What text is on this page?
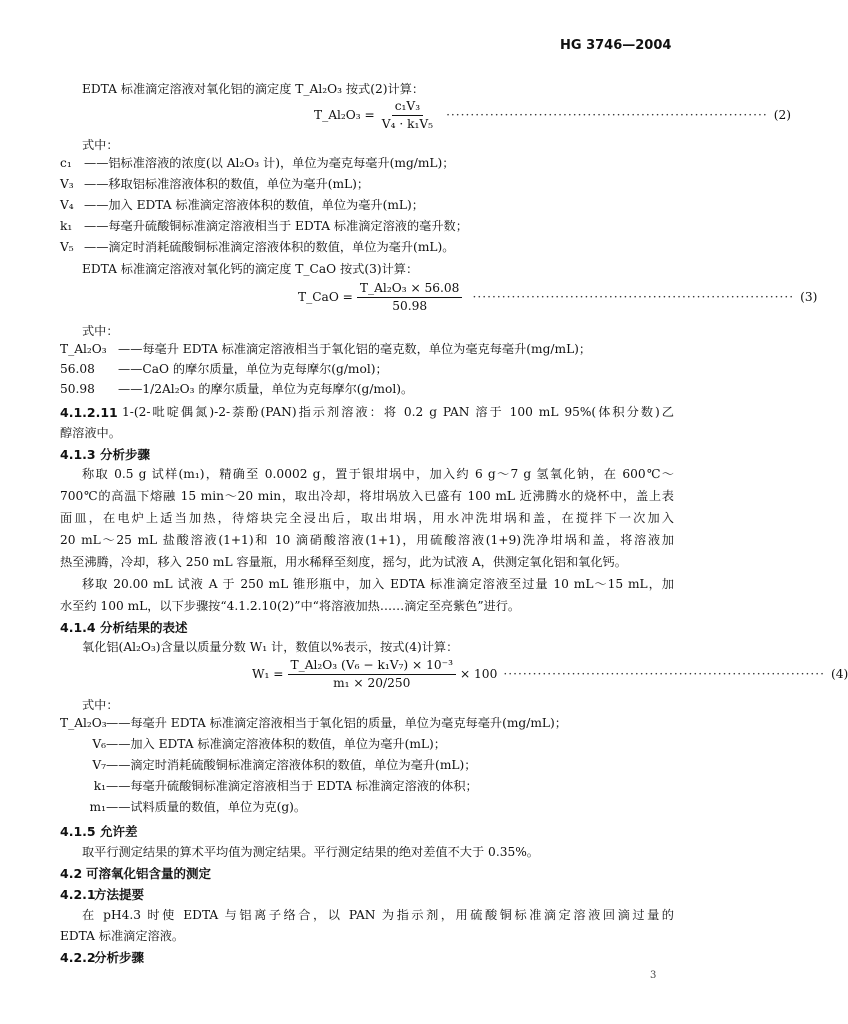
HG 3746—2004
EDTA 标准滴定溶液对氧化铝的滴定度 T_Al₂O₃ 按式(2)计算：
T_Al₂O₃ = $\frac{\text{c₁V₃}}{\text{V₄ · k₁V₅}}$ ·································································· (2)
式中：
c₁	——铝标准溶液的浓度(以 Al₂O₃ 计)，单位为毫克每毫升(mg/mL)；
V₃ ——移取铝标准溶液体积的数值，单位为毫升(mL)；
V₄ ——加入 EDTA 标准滴定溶液体积的数值，单位为毫升(mL)；
k₁ ——每毫升硫酸铜标准滴定溶液相当于 EDTA 标准滴定溶液的毫升数；
V₅ ——滴定时消耗硫酸铜标准滴定溶液体积的数值，单位为毫升(mL)。
EDTA 标准滴定溶液对氧化钙的滴定度 T_CaO 按式(3)计算：
T_CaO = $\frac{\text{T\_Al₂O₃ × 56.08}}{50.98}$ ·································································· (3)
式中：
T_Al₂O₃ ——每毫升 EDTA 标准滴定溶液相当于氧化铝的毫克数，单位为毫克每毫升(mg/mL)；
56.08	——CaO 的摩尔质量，单位为克每摩尔(g/mol)；
50.98	——1/2Al₂O₃ 的摩尔质量，单位为克每摩尔(g/mol)。
4.1.2.11 1-(2-吡啶偶氮)-2-萘酚(PAN)指示剂溶液：将 0.2 g PAN 溶于 100 mL 95%(体积分数)乙
醇溶液中。
4.1.3 分析步骤
称取 0.5 g 试样(m₁)，精确至 0.0002 g，置于银坩埚中，加入约 6 g～7 g 氢氧化钠，在 600℃～
700℃的高温下熔融 15 min～20 min，取出冷却，将坩埚放入已盛有 100 mL 近沸腾水的烧杯中，盖上表
面皿，在电炉上适当加热，待熔块完全浸出后，取出坩埚，用水冲洗坩埚和盖，在搅拌下一次加入
20 mL～25 mL 盐酸溶液(1+1)和 10 滴硝酸溶液(1+1)，用硫酸溶液(1+9)洗净坩埚和盖，将溶液加
热至沸腾，冷却，移入 250 mL 容量瓶，用水稀释至刻度，摇匀，此为试液 A，供测定氧化铝和氧化钙。
移取 20.00 mL 试液 A 于 250 mL 锥形瓶中，加入 EDTA 标准滴定溶液至过量 10 mL～15 mL，加
水至约 100 mL，以下步骤按“4.1.2.10(2)”中“将溶液加热……滴定至亮紫色”进行。
4.1.4 分析结果的表述
氧化铝(Al₂O₃)含量以质量分数 W₁ 计，数值以%表示，按式(4)计算：
$W_1 = \frac{\text{T\_Al₂O₃ (V₆ − k₁V₇) × 10⁻³}}{\text{m₁ × 20/250}} \times 100$ ·································································· (4)
式中：
T_Al₂O₃ ——每毫升 EDTA 标准滴定溶液相当于氧化铝的质量，单位为毫克每毫升(mg/mL)；
V₆ ——加入 EDTA 标准滴定溶液体积的数值，单位为毫升(mL)；
V₇ ——滴定时消耗硫酸铜标准滴定溶液体积的数值，单位为毫升(mL)；
k₁ ——每毫升硫酸铜标准滴定溶液相当于 EDTA 标准滴定溶液的体积；
m₁ ——试料质量的数值，单位为克(g)。
4.1.5 允许差
取平行测定结果的算术平均值为测定结果。平行测定结果的绝对差值不大于 0.35%。
4.2 可溶氧化铝含量的测定
4.2.1方法提要
在 pH4.3 时使 EDTA 与铝离子络合，以 PAN 为指示剂，用硫酸铜标准滴定溶液回滴过量的
EDTA 标准滴定溶液。
4.2.2分析步骤
3
